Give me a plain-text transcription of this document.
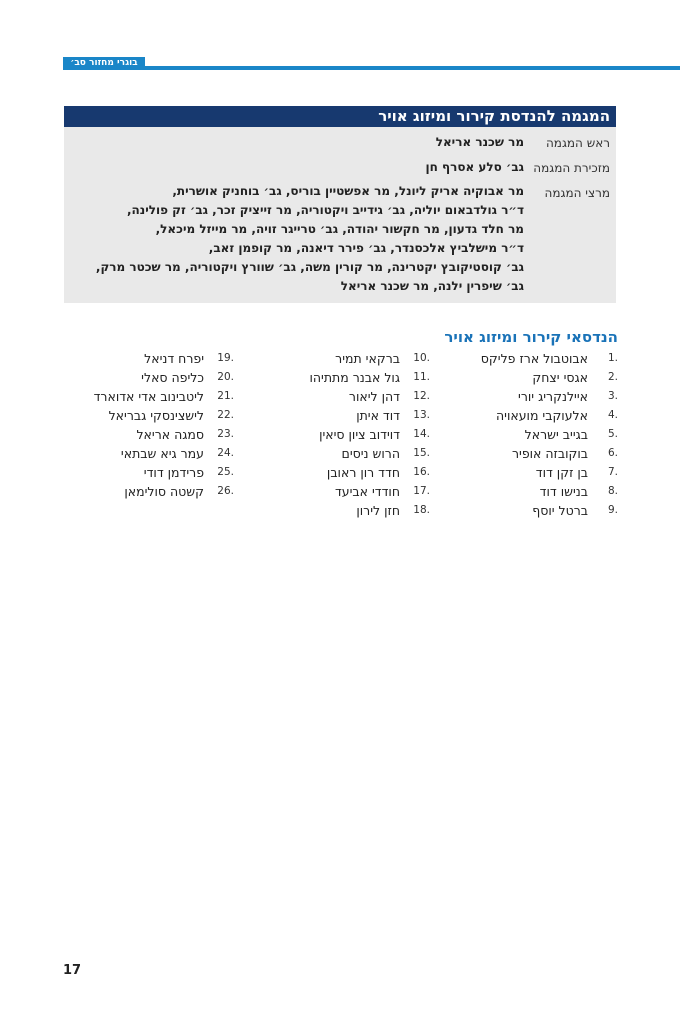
בוגרי מחזור סב׳
המגמה להנדסת קירור ומיזוג אויר
ראש המגמה
מר שכנר אריאל
מזכירת המגמה
גב׳ סלע אסרף חן
מרצי המגמה
מר אבוקיה אריק ליונל, מר אפשטיין בוריס, גב׳ בוחניק אושרית,
ד״ר גולדבאום יוליה, גב׳ גידייב ויקטוריה, מר זייציק זכר, גב׳ זק פולינה,
מר חלד גדעון, מר חקשור יהודה, גב׳ טרייגר זויה, מר מייזל מיכאל,
ד״ר מישלביץ אלכסנדר, גב׳ פירר דיאנה, מר קופמן זאב,
גב׳ קוסטיקובץ יקטרינה, מר קורין משה, גב׳ שוורץ ויקטוריה, מר שכטר מרק,
גב׳ שיפרין ילנה, מר שכנר אריאל
הנדסאי קירור ומיזוג אויר
1.
אבוטבול ארז פליקס
2.
אגסי יצחק
3.
איילנקריג יורי
4.
אלעוקבי מועאויה
5.
בגייב ישראל
6.
בוקובזה אופיר
7.
בן זקן דוד
8.
בנישו דוד
9.
ברטל יוסף
10.
ברקאי תמיר
11.
גול אבנר מתתיהו
12.
דהן ליאור
13.
דוד איתן
14.
דוידוב ציון סיאין
15.
הרוש ניסים
16.
חדד רון ראובן
17.
חודדי אביעד
18.
חזן לירון
19.
יפרח דניאל
20.
כליפה סאלי
21.
ליטבינוב אדי אדוארד
22.
לישצינסקי גבריאל
23.
סמגה אריאל
24.
עמר גיא שבתאי
25.
פרידמן דודי
26.
קשטה סולימאן
17
